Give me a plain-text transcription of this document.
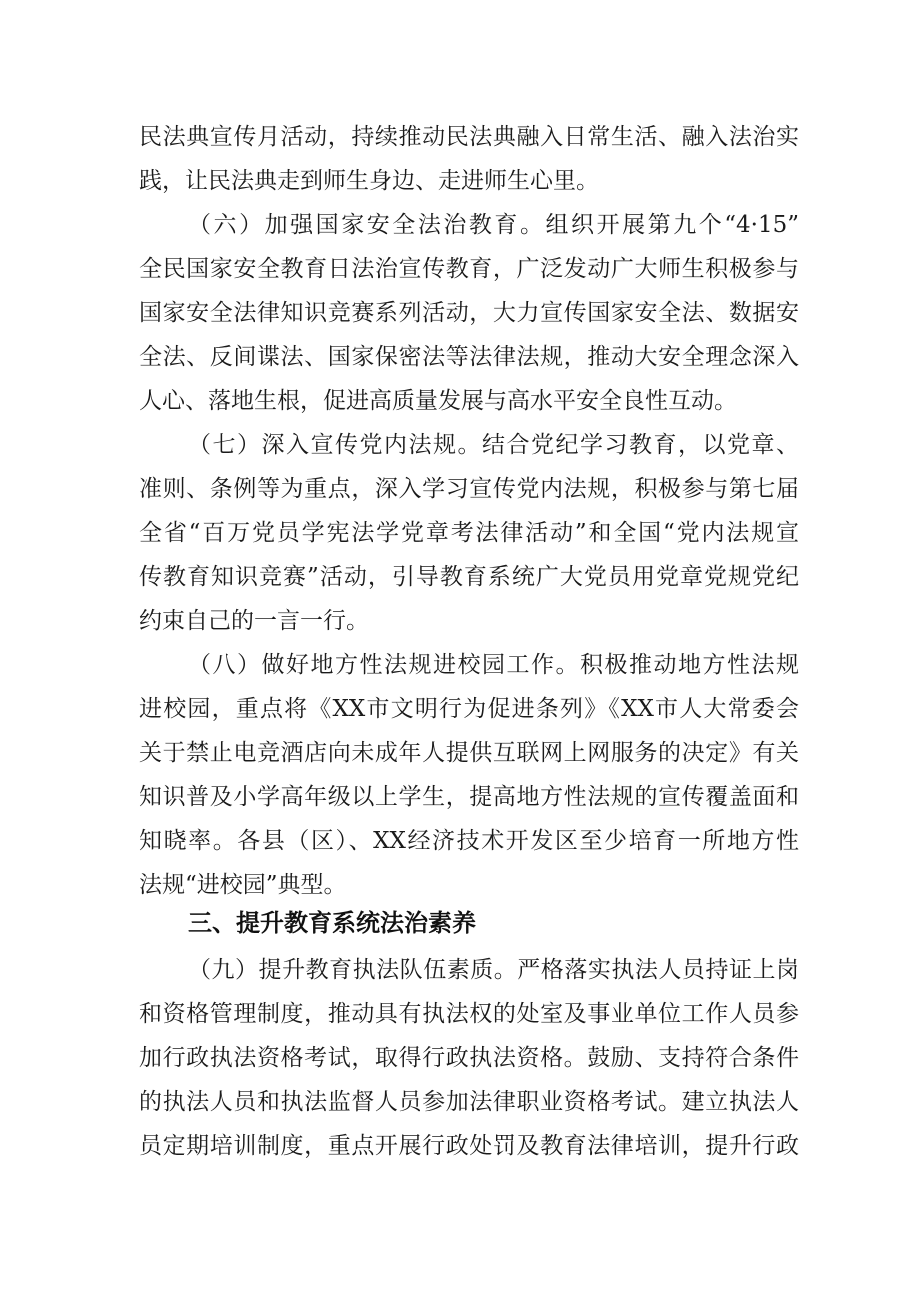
民法典宣传月活动，持续推动民法典融入日常生活、融入法治实
践，让民法典走到师生身边、走进师生心里。
（六）加强国家安全法治教育。组织开展第九个“4·15”
全民国家安全教育日法治宣传教育，广泛发动广大师生积极参与
国家安全法律知识竞赛系列活动，大力宣传国家安全法、数据安
全法、反间谍法、国家保密法等法律法规，推动大安全理念深入
人心、落地生根，促进高质量发展与高水平安全良性互动。
（七）深入宣传党内法规。结合党纪学习教育，以党章、
准则、条例等为重点，深入学习宣传党内法规，积极参与第七届
全省“百万党员学宪法学党章考法律活动”和全国“党内法规宣
传教育知识竞赛”活动，引导教育系统广大党员用党章党规党纪
约束自己的一言一行。
（八）做好地方性法规进校园工作。积极推动地方性法规
进校园，重点将《XX市文明行为促进条列》《XX市人大常委会
关于禁止电竞酒店向未成年人提供互联网上网服务的决定》有关
知识普及小学高年级以上学生，提高地方性法规的宣传覆盖面和
知晓率。各县（区）、XX经济技术开发区至少培育一所地方性
法规“进校园”典型。
三、提升教育系统法治素养
（九）提升教育执法队伍素质。严格落实执法人员持证上岗
和资格管理制度，推动具有执法权的处室及事业单位工作人员参
加行政执法资格考试，取得行政执法资格。鼓励、支持符合条件
的执法人员和执法监督人员参加法律职业资格考试。建立执法人
员定期培训制度，重点开展行政处罚及教育法律培训，提升行政
